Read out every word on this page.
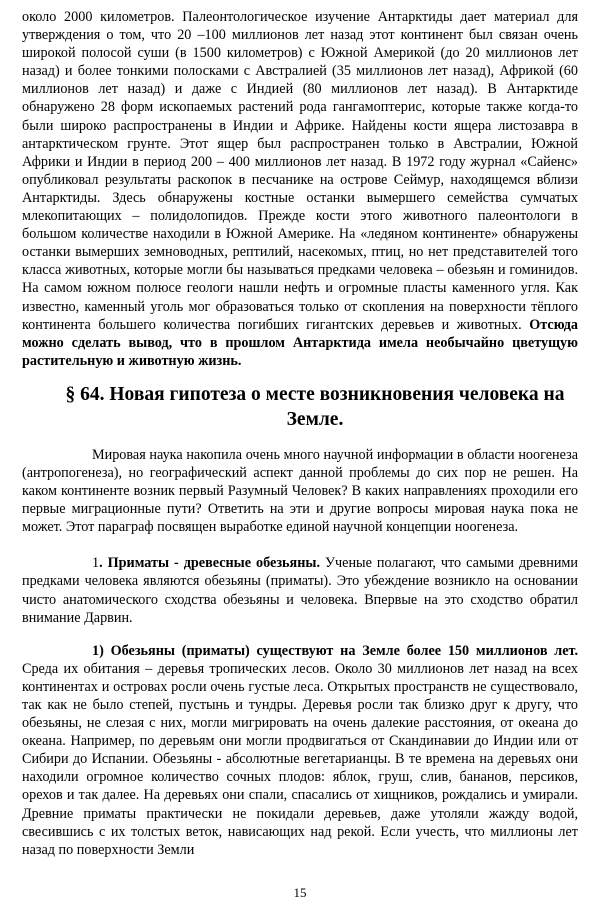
около 2000 километров. Палеонтологическое изучение Антарктиды дает материал для утверждения о том, что 20 –100 миллионов лет назад этот континент был связан очень широкой полосой суши (в 1500 километров) с Южной Америкой (до 20 миллионов лет назад) и более тонкими полосками с Австралией (35 миллионов лет назад), Африкой (60 миллионов лет назад) и даже с Индией (80 миллионов лет назад). В Антарктиде обнаружено 28 форм ископаемых растений рода гангамоптерис, которые также когда-то были широко распространены в Индии и Африке. Найдены кости ящера листозавра в антарктическом грунте. Этот ящер был распространен только в Австралии, Южной Африки и Индии в период 200 – 400 миллионов лет назад. В 1972 году журнал «Сайенс» опубликовал результаты раскопок в песчанике на острове Сеймур, находящемся вблизи Антарктиды. Здесь обнаружены костные останки вымершего семейства сумчатых млекопитающих – полидолопидов. Прежде кости этого животного палеонтологи в большом количестве находили в Южной Америке. На «ледяном континенте» обнаружены останки вымерших земноводных, рептилий, насекомых, птиц, но нет представителей того класса животных, которые могли бы называться предками человека – обезьян и гоминидов. На самом южном полюсе геологи нашли нефть и огромные пласты каменного угля. Как известно, каменный уголь мог образоваться только от скопления на поверхности тёплого континента большего количества погибших гигантских деревьев и животных. Отсюда можно сделать вывод, что в прошлом Антарктида имела необычайно цветущую растительную и животную жизнь.

§ 64. Новая гипотеза о месте возникновения человека на Земле.

Мировая наука накопила очень много научной информации в области ноогенеза (антропогенеза), но географический аспект данной проблемы до сих пор не решен. На каком континенте возник первый Разумный Человек? В каких направлениях проходили его первые миграционные пути? Ответить на эти и другие вопросы мировая наука пока не может. Этот параграф посвящен выработке единой научной концепции ноогенеза.

1. Приматы - древесные обезьяны. Ученые полагают, что самыми древними предками человека являются обезьяны (приматы). Это убеждение возникло на основании чисто анатомического сходства обезьяны и человека. Впервые на это сходство обратил внимание Дарвин.

1) Обезьяны (приматы) существуют на Земле более 150 миллионов лет. Среда их обитания – деревья тропических лесов. Около 30 миллионов лет назад на всех континентах и островах росли очень густые леса. Открытых пространств не существовало, так как не было степей, пустынь и тундры. Деревья росли так близко друг к другу, что обезьяны, не слезая с них, могли мигрировать на очень далекие расстояния, от океана до океана. Например, по деревьям они могли продвигаться от Скандинавии до Индии или от Сибири до Испании. Обезьяны - абсолютные вегетарианцы. В те времена на деревьях они находили огромное количество сочных плодов: яблок, груш, слив, бананов, персиков, орехов и так далее. На деревьях они спали, спасались от хищников, рождались и умирали. Древние приматы практически не покидали деревьев, даже утоляли жажду водой, свесившись с их толстых веток, нависающих над рекой. Если учесть, что миллионы лет назад по поверхности Земли

15
